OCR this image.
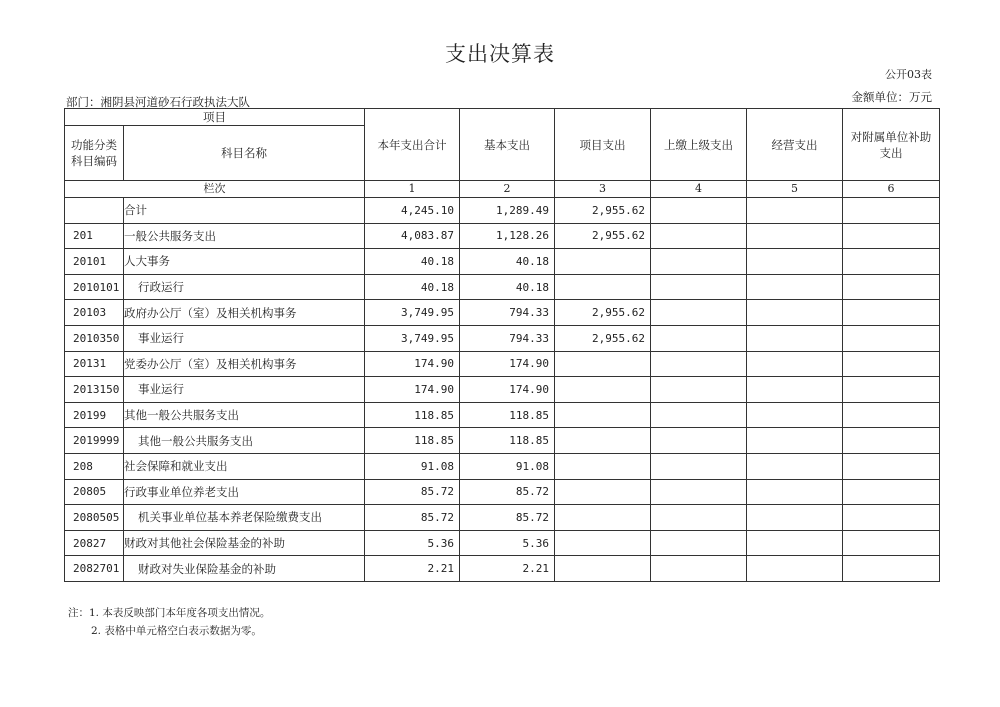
支出决算表
公开03表
部门：湘阴县河道砂石行政执法大队	金额单位：万元
项目		本年支出合计	基本支出	项目支出	上缴上级支出	经营支出	对附属单位补助支出
功能分类科目编码	科目名称						
栏次		1	2	3	4	5	6
	合计	4,245.10	1,289.49	2,955.62			
201	一般公共服务支出	4,083.87	1,128.26	2,955.62			
20101	人大事务	40.18	40.18				
2010101	行政运行	40.18	40.18				
20103	政府办公厅（室）及相关机构事务	3,749.95	794.33	2,955.62			
2010350	事业运行	3,749.95	794.33	2,955.62			
20131	党委办公厅（室）及相关机构事务	174.90	174.90				
2013150	事业运行	174.90	174.90				
20199	其他一般公共服务支出	118.85	118.85				
2019999	其他一般公共服务支出	118.85	118.85				
208	社会保障和就业支出	91.08	91.08				
20805	行政事业单位养老支出	85.72	85.72				
2080505	机关事业单位基本养老保险缴费支出	85.72	85.72				
20827	财政对其他社会保险基金的补助	5.36	5.36				
2082701	财政对失业保险基金的补助	2.21	2.21				
注：1. 本表反映部门本年度各项支出情况。
2. 表格中单元格空白表示数据为零。
